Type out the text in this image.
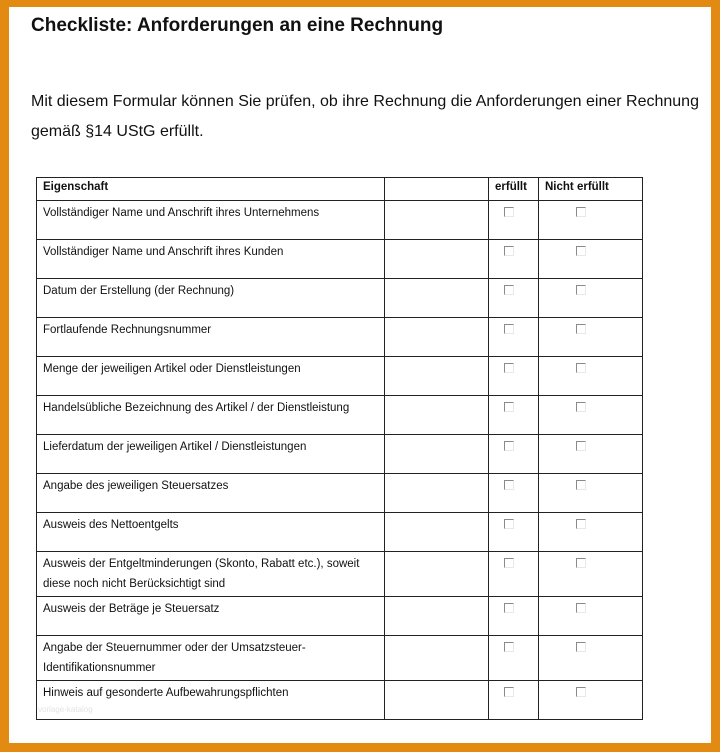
Checkliste: Anforderungen an eine Rechnung

Mit diesem Formular können Sie prüfen, ob ihre Rechnung die Anforderungen einer Rechnung gemäß §14 UStG erfüllt.

Eigenschaft		erfüllt	Nicht erfüllt

Vollständiger Name und Anschrift ihres Unternehmens			

Vollständiger Name und Anschrift ihres Kunden			

Datum der Erstellung (der Rechnung)			

Fortlaufende Rechnungsnummer			

Menge der jeweiligen Artikel oder Dienstleistungen			

Handelsübliche Bezeichnung des Artikel / der Dienstleistung			

Lieferdatum der jeweiligen Artikel / Dienstleistungen			

Angabe des jeweiligen Steuersatzes			

Ausweis des Nettoentgelts			

Ausweis der Entgeltminderungen (Skonto, Rabatt etc.), soweit diese noch nicht Berücksichtigt sind			

Ausweis der Beträge je Steuersatz			

Angabe der Steuernummer oder der Umsatzsteuer-Identifikationsnummer			

Hinweis auf gesonderte Aufbewahrungspflichten			

vorlage-katalog
